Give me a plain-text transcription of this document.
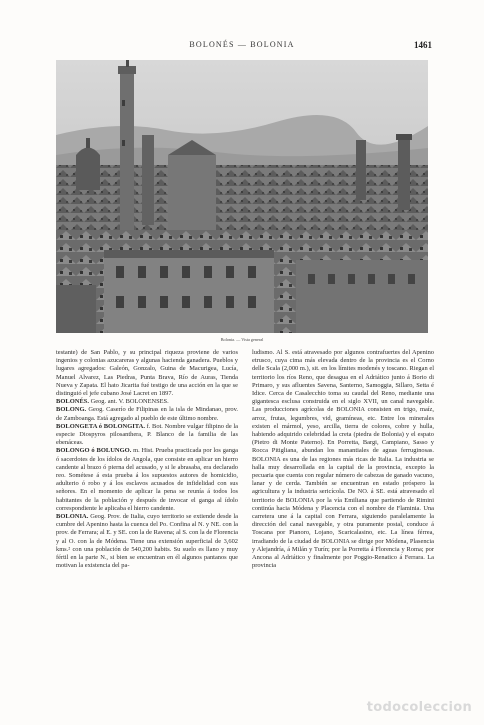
BOLONÉS — BOLONIA	1461
Bolonia. — Vista general

testante) de San Pablo, y su principal riqueza proviene de varios ingenios y colonias azucareras y algunas hacienda ganadera. Pueblos y lugares agregados: Galeón, Gonzalo, Guina de Macurigea, Lucía, Manuel Alvarez, Las Piedras, Punta Brava, Río de Auras, Tienda Nueva y Zapata. El hato Jicarita fué testigo de una acción en la que se distinguió el jefe cubano José Lacret en 1897.

BOLONÉS. Geog. ant. V. BOLONENSES.

BOLONG. Geog. Caserío de Filipinas en la isla de Mindanao, prov. de Zamboanga. Está agregado al pueblo de este último nombre.

BOLONGETA ó BOLONGITA. f. Bot. Nombre vulgar filipino de la especie Diospyros pilosanthera, P. Blanco de la familia de las ebenáceas.

BOLONGO ó BOLUNGO. m. Hist. Prueba practicada por los ganga ó sacerdotes de los ídolos de Angola, que consiste en aplicar un hierro candente al brazo ó pierna del acusado, y si le abrasaba, era declarado reo. Sométese á esta prueba á los supuestos autores de homicidio, adulterio ó robo y á los esclavos acusados de infidelidad con sus señores. En el momento de aplicar la pena se reunía á todos los habitantes de la población y después de invocar el ganga al ídolo correspondiente le aplicaba el hierro candente.

BOLONIA. Geog. Prov. de Italia, cuyo territorio se extiende desde la cumbre del Apenino hasta la cuenca del Po. Confina al N. y NE. con la prov. de Ferrara; al E. y SE. con la de Ravena; al S. con la de Florencia y al O. con la de Módena. Tiene una extensión superficial de 3,602 kms.² con una población de 540,200 habits. Su suelo es llano y muy fértil en la parte N., si bien se encuentran en él algunos pantanos que motivan la existencia del pa-

ludismo. Al S. está atravesado por algunos contrafuertes del Apenino etrusco, cuya cima más elevada dentro de la provincia es el Corno delle Scala (2,000 m.), sit. en los límites modenés y toscano. Riegan el territorio los ríos Reno, que desagua en el Adriático junto á Borio di Primaro, y sus afluentes Savena, Santerno, Samoggia, Sillaro, Setta é Idice. Cerca de Casalecchio toma su caudal del Reno, mediante una gigantesca esclusa construida en el siglo XVII, un canal navegable. Las producciones agrícolas de BOLONIA consisten en trigo, maíz, arroz, frutas, legumbres, vid, gramíneas, etc. Entre los minerales existen el mármol, yeso, arcilla, tierra de colores, cobre y hulla, habiendo adquirido celebridad la creta (piedra de Bolonia) y el espato (Pietro di Monte Paterno). En Porretta, Bargi, Campiano, Sasso y Rocca Pitigliana, abundan los manantiales de aguas ferruginosas. BOLONIA es una de las regiones más ricas de Italia. La industria se halla muy desarrollada en la capital de la provincia, excepto la pecuaria que cuenta con regular número de cabezas de ganado vacuno, lanar y de cerda. También se encuentran en estado próspero la agricultura y la industria sericícola. De NO. á SE. está atravesado el territorio de BOLONIA por la vía Emiliana que partiendo de Rimini continúa hacia Módena y Placencia con el nombre de Flaminia. Una carretera une á la capital con Ferrara, siguiendo paralelamente la dirección del canal navegable, y otra puramente postal, conduce á Toscana por Pianoro, Lojano, Scaricalasino, etc. La línea férrea, irradiando de la ciudad de BOLONIA se dirige por Módena, Plasencia y Alejandría, á Milán y Turín; por la Porretta á Florencia y Roma; por Ancona al Adriático y finalmente por Poggio-Renatico á Ferrara. La provincia

todocoleccion
